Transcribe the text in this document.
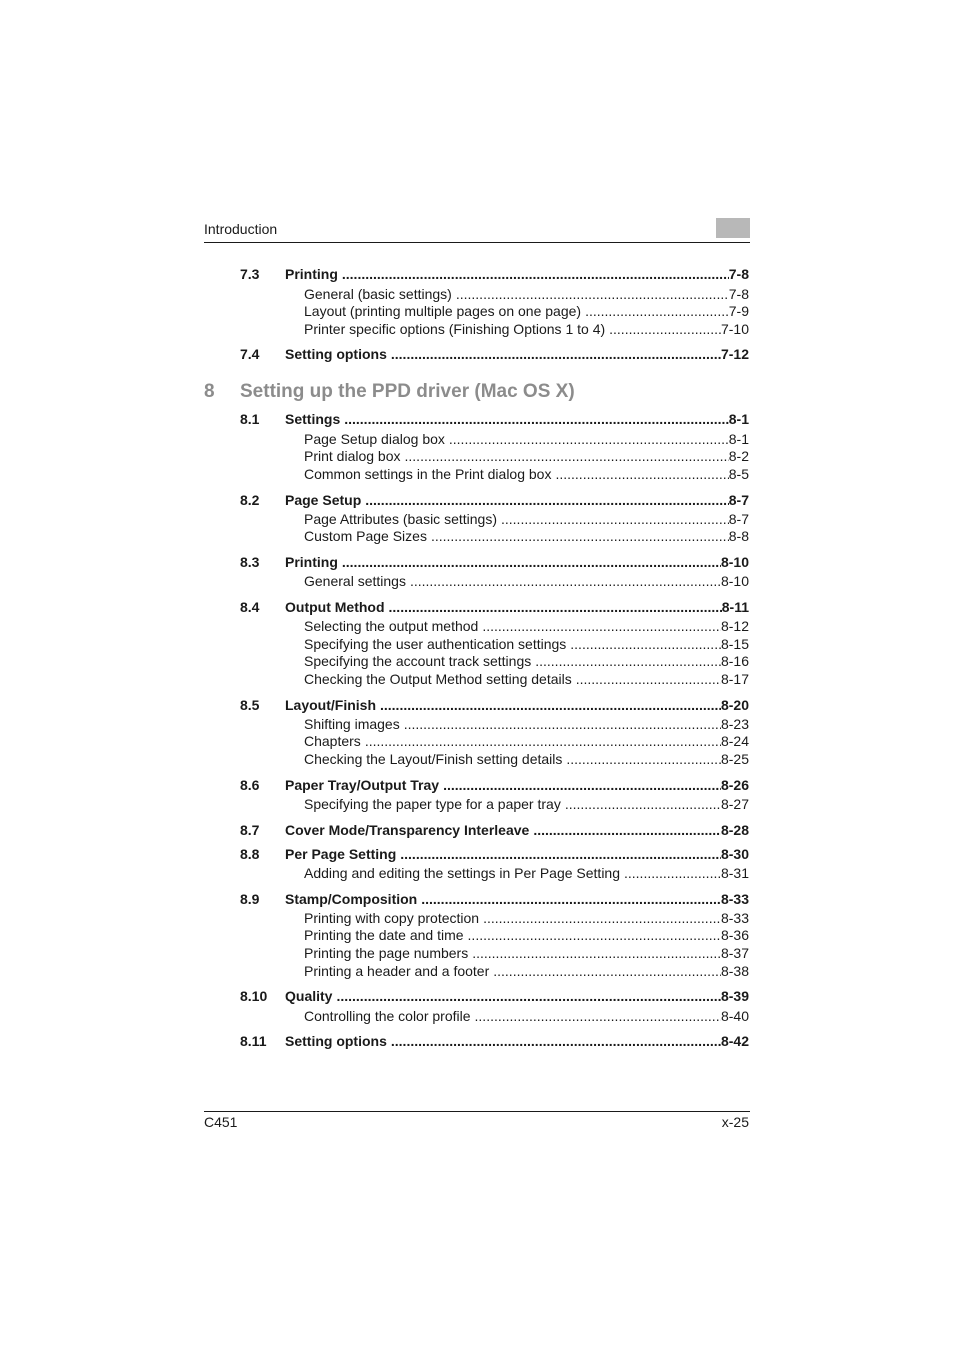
Introduction
8 Setting up the PPD driver (Mac OS X)
7.3 Printing .....	7-8
General (basic settings) .....	7-8
Layout (printing multiple pages on one page) .....	7-9
Printer specific options (Finishing Options 1 to 4) .....	7-10
7.4 Setting options .....	7-12
8.1 Settings .....	8-1
Page Setup dialog box .....	8-1
Print dialog box .....	8-2
Common settings in the Print dialog box .....	8-5
8.2 Page Setup .....	8-7
Page Attributes (basic settings) .....	8-7
Custom Page Sizes .....	8-8
8.3 Printing .....	8-10
General settings .....	8-10
8.4 Output Method .....	8-11
Selecting the output method .....	8-12
Specifying the user authentication settings .....	8-15
Specifying the account track settings .....	8-16
Checking the Output Method setting details .....	8-17
8.5 Layout/Finish .....	8-20
Shifting images .....	8-23
Chapters .....	8-24
Checking the Layout/Finish setting details .....	8-25
8.6 Paper Tray/Output Tray .....	8-26
Specifying the paper type for a paper tray .....	8-27
8.7 Cover Mode/Transparency Interleave .....	8-28
8.8 Per Page Setting .....	8-30
Adding and editing the settings in Per Page Setting .....	8-31
8.9 Stamp/Composition .....	8-33
Printing with copy protection .....	8-33
Printing the date and time .....	8-36
Printing the page numbers .....	8-37
Printing a header and a footer .....	8-38
8.10 Quality .....	8-39
Controlling the color profile .....	8-40
8.11 Setting options .....	8-42
C451	x-25
